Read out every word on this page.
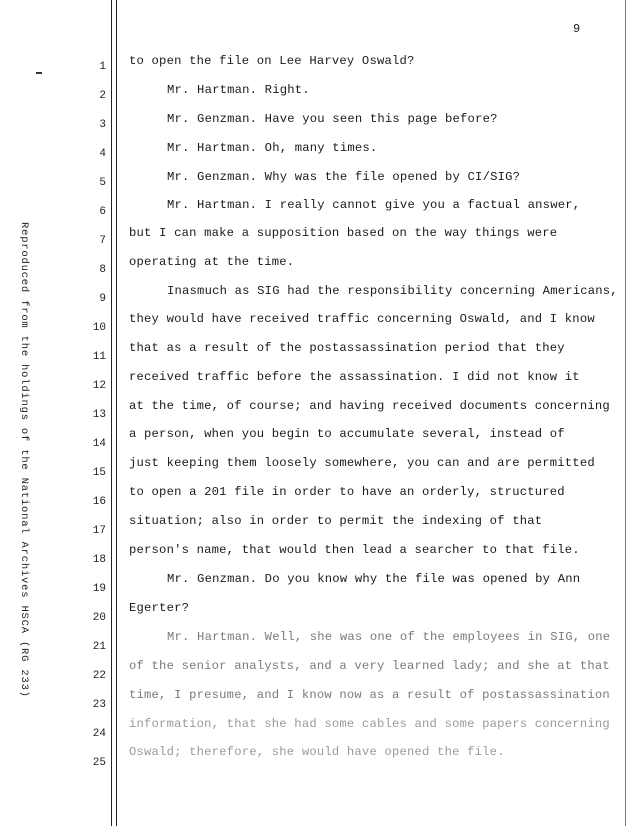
9
Reproduced from the holdings of the National Archives HSCA (RG 233)
1
2
3
4
5
6
7
8
9
10
11
12
13
14
15
16
17
18
19
20
21
22
23
24
25
to open the file on Lee Harvey Oswald?
Mr. Hartman. Right.
Mr. Genzman. Have you seen this page before?
Mr. Hartman. Oh, many times.
Mr. Genzman. Why was the file opened by CI/SIG?
Mr. Hartman. I really cannot give you a factual answer,
but I can make a supposition based on the way things were
operating at the time.
Inasmuch as SIG had the responsibility concerning Americans,
they would have received traffic concerning Oswald, and I know
that as a result of the postassassination period that they
received traffic before the assassination. I did not know it
at the time, of course; and having received documents concerning
a person, when you begin to accumulate several, instead of
just keeping them loosely somewhere, you can and are permitted
to open a 201 file in order to have an orderly, structured
situation; also in order to permit the indexing of that
person's name, that would then lead a searcher to that file.
Mr. Genzman. Do you know why the file was opened by Ann
Egerter?
Mr. Hartman. Well, she was one of the employees in SIG, one
of the senior analysts, and a very learned lady; and she at that
time, I presume, and I know now as a result of postassassination
information, that she had some cables and some papers concerning
Oswald; therefore, she would have opened the file.
